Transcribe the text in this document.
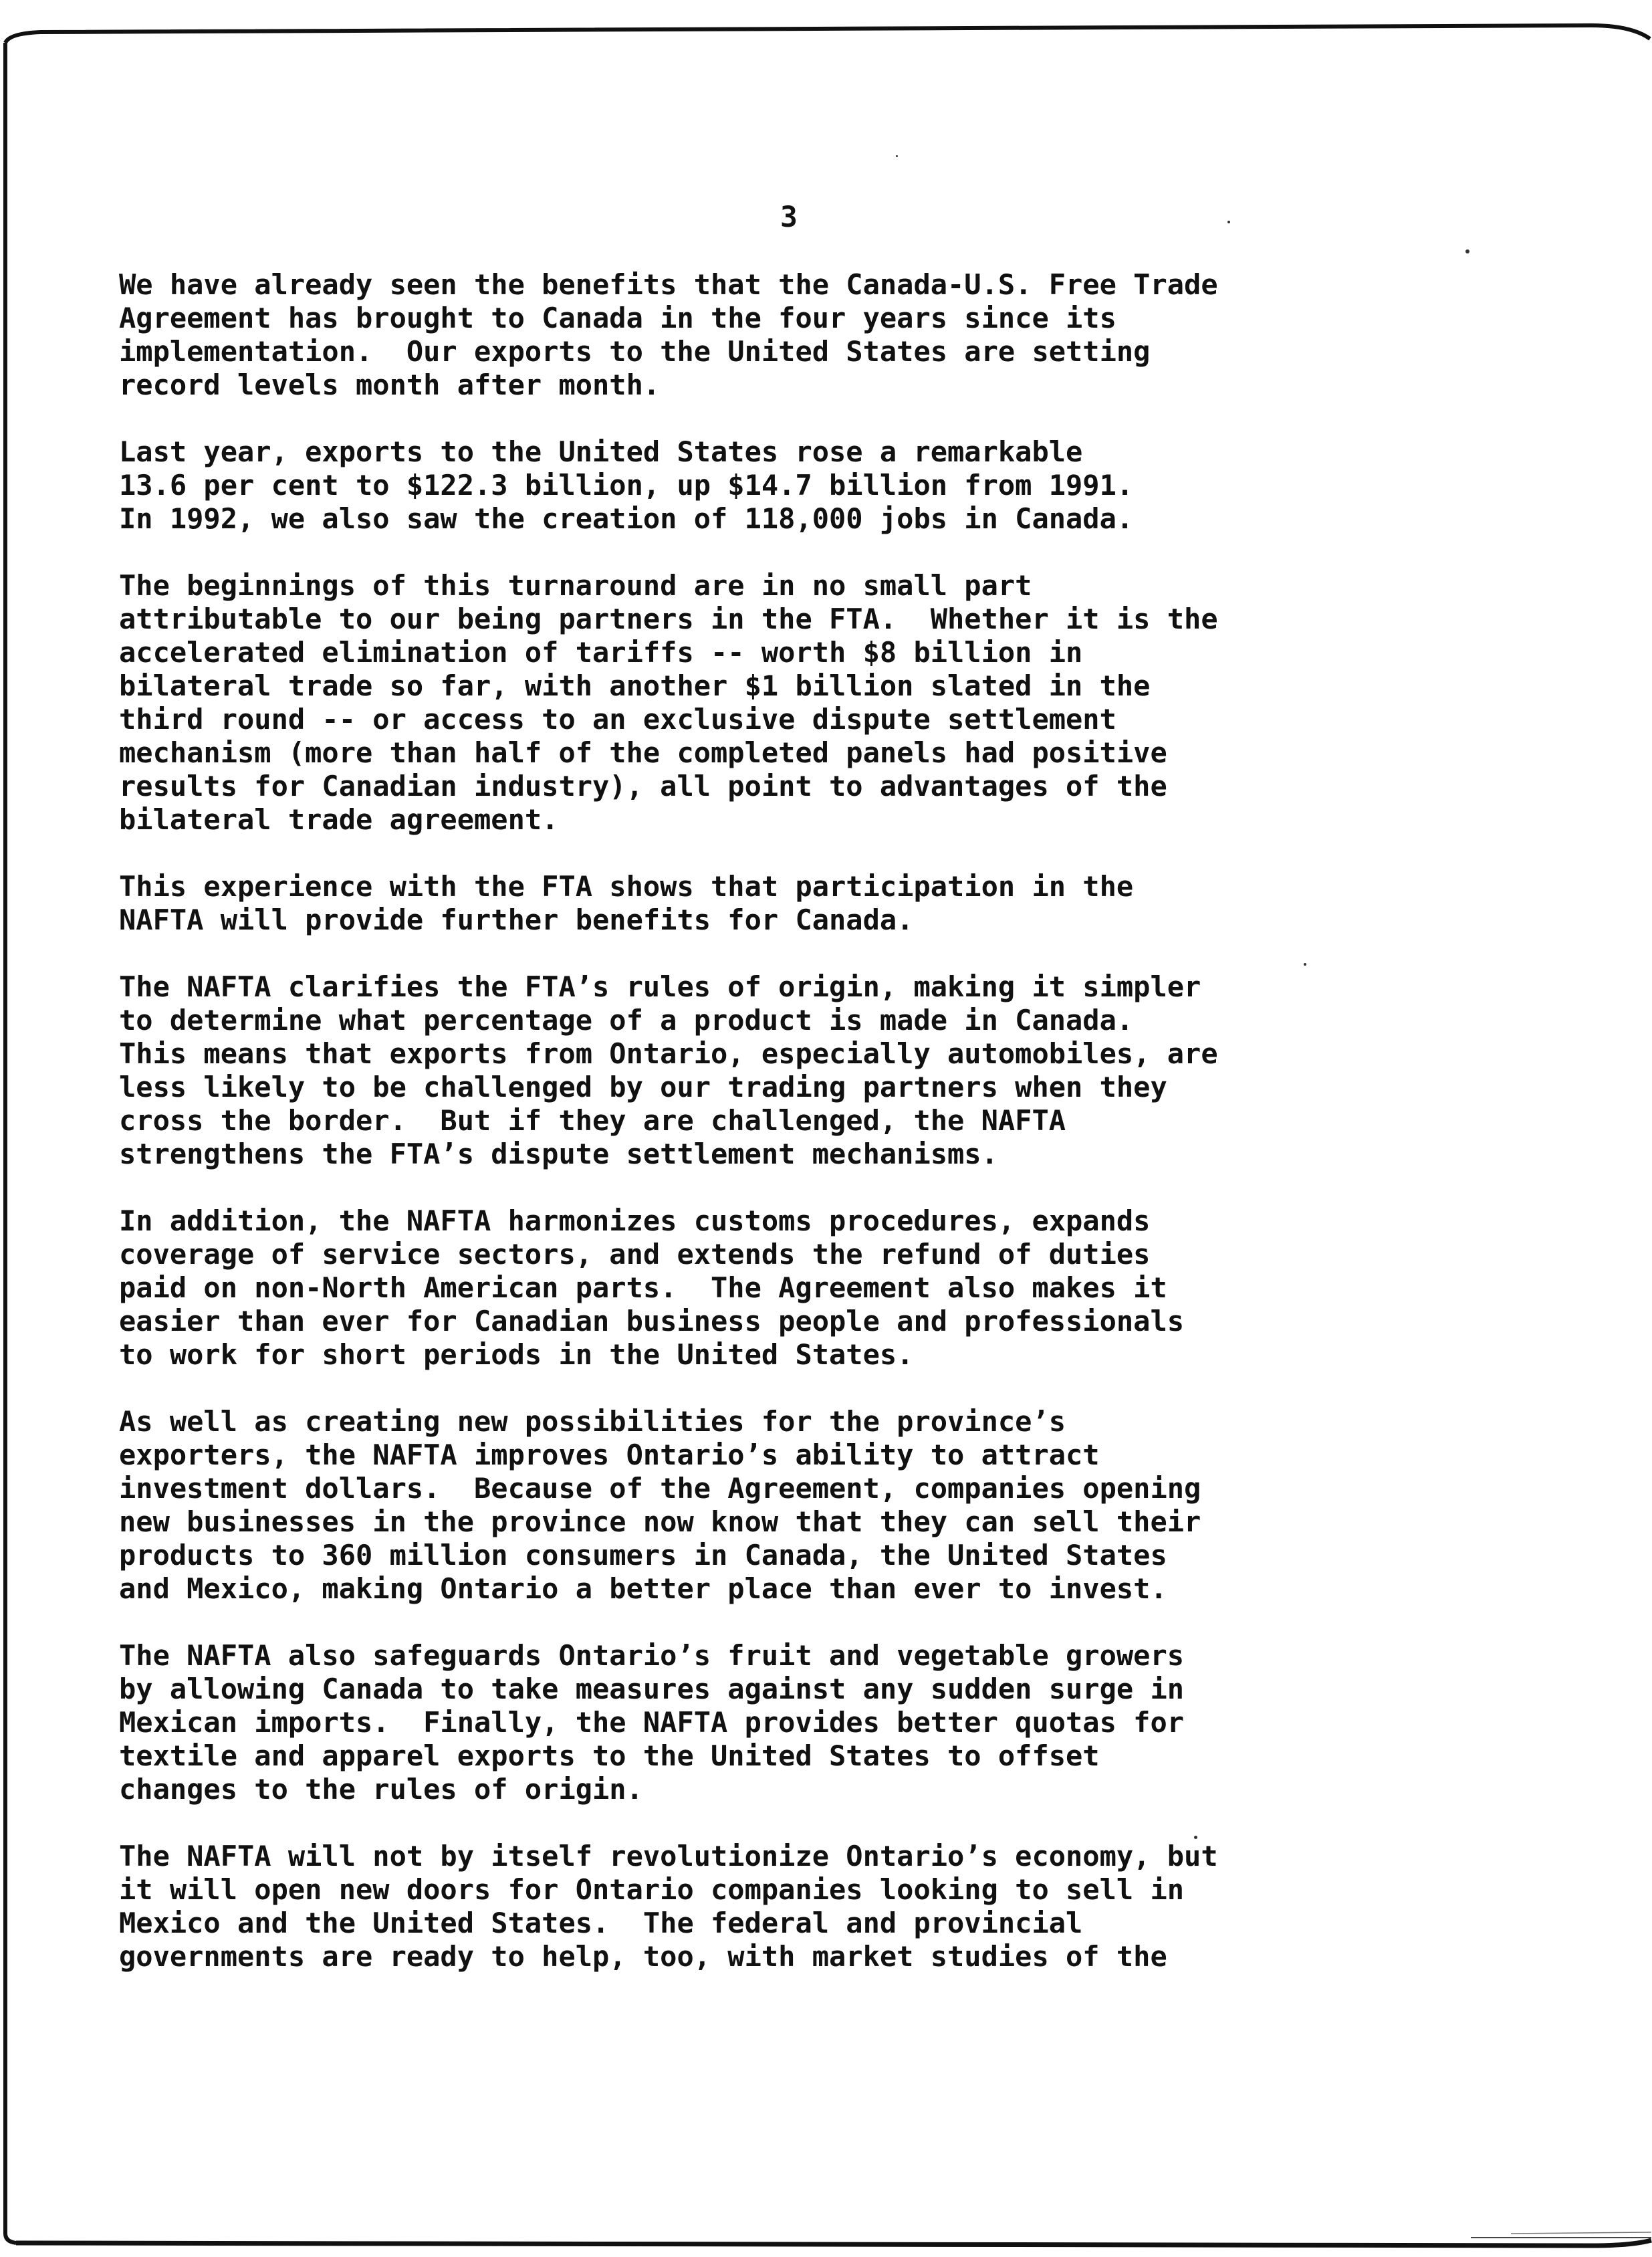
3
We have already seen the benefits that the Canada-U.S. Free Trade
Agreement has brought to Canada in the four years since its
implementation.  Our exports to the United States are setting
record levels month after month.
Last year, exports to the United States rose a remarkable
13.6 per cent to $122.3 billion, up $14.7 billion from 1991.
In 1992, we also saw the creation of 118,000 jobs in Canada.
The beginnings of this turnaround are in no small part
attributable to our being partners in the FTA.  Whether it is the
accelerated elimination of tariffs -- worth $8 billion in
bilateral trade so far, with another $1 billion slated in the
third round -- or access to an exclusive dispute settlement
mechanism (more than half of the completed panels had positive
results for Canadian industry), all point to advantages of the
bilateral trade agreement.
This experience with the FTA shows that participation in the
NAFTA will provide further benefits for Canada.
The NAFTA clarifies the FTA’s rules of origin, making it simpler
to determine what percentage of a product is made in Canada.
This means that exports from Ontario, especially automobiles, are
less likely to be challenged by our trading partners when they
cross the border.  But if they are challenged, the NAFTA
strengthens the FTA’s dispute settlement mechanisms.
In addition, the NAFTA harmonizes customs procedures, expands
coverage of service sectors, and extends the refund of duties
paid on non-North American parts.  The Agreement also makes it
easier than ever for Canadian business people and professionals
to work for short periods in the United States.
As well as creating new possibilities for the province’s
exporters, the NAFTA improves Ontario’s ability to attract
investment dollars.  Because of the Agreement, companies opening
new businesses in the province now know that they can sell their
products to 360 million consumers in Canada, the United States
and Mexico, making Ontario a better place than ever to invest.
The NAFTA also safeguards Ontario’s fruit and vegetable growers
by allowing Canada to take measures against any sudden surge in
Mexican imports.  Finally, the NAFTA provides better quotas for
textile and apparel exports to the United States to offset
changes to the rules of origin.
The NAFTA will not by itself revolutionize Ontario’s economy, but
it will open new doors for Ontario companies looking to sell in
Mexico and the United States.  The federal and provincial
governments are ready to help, too, with market studies of the
